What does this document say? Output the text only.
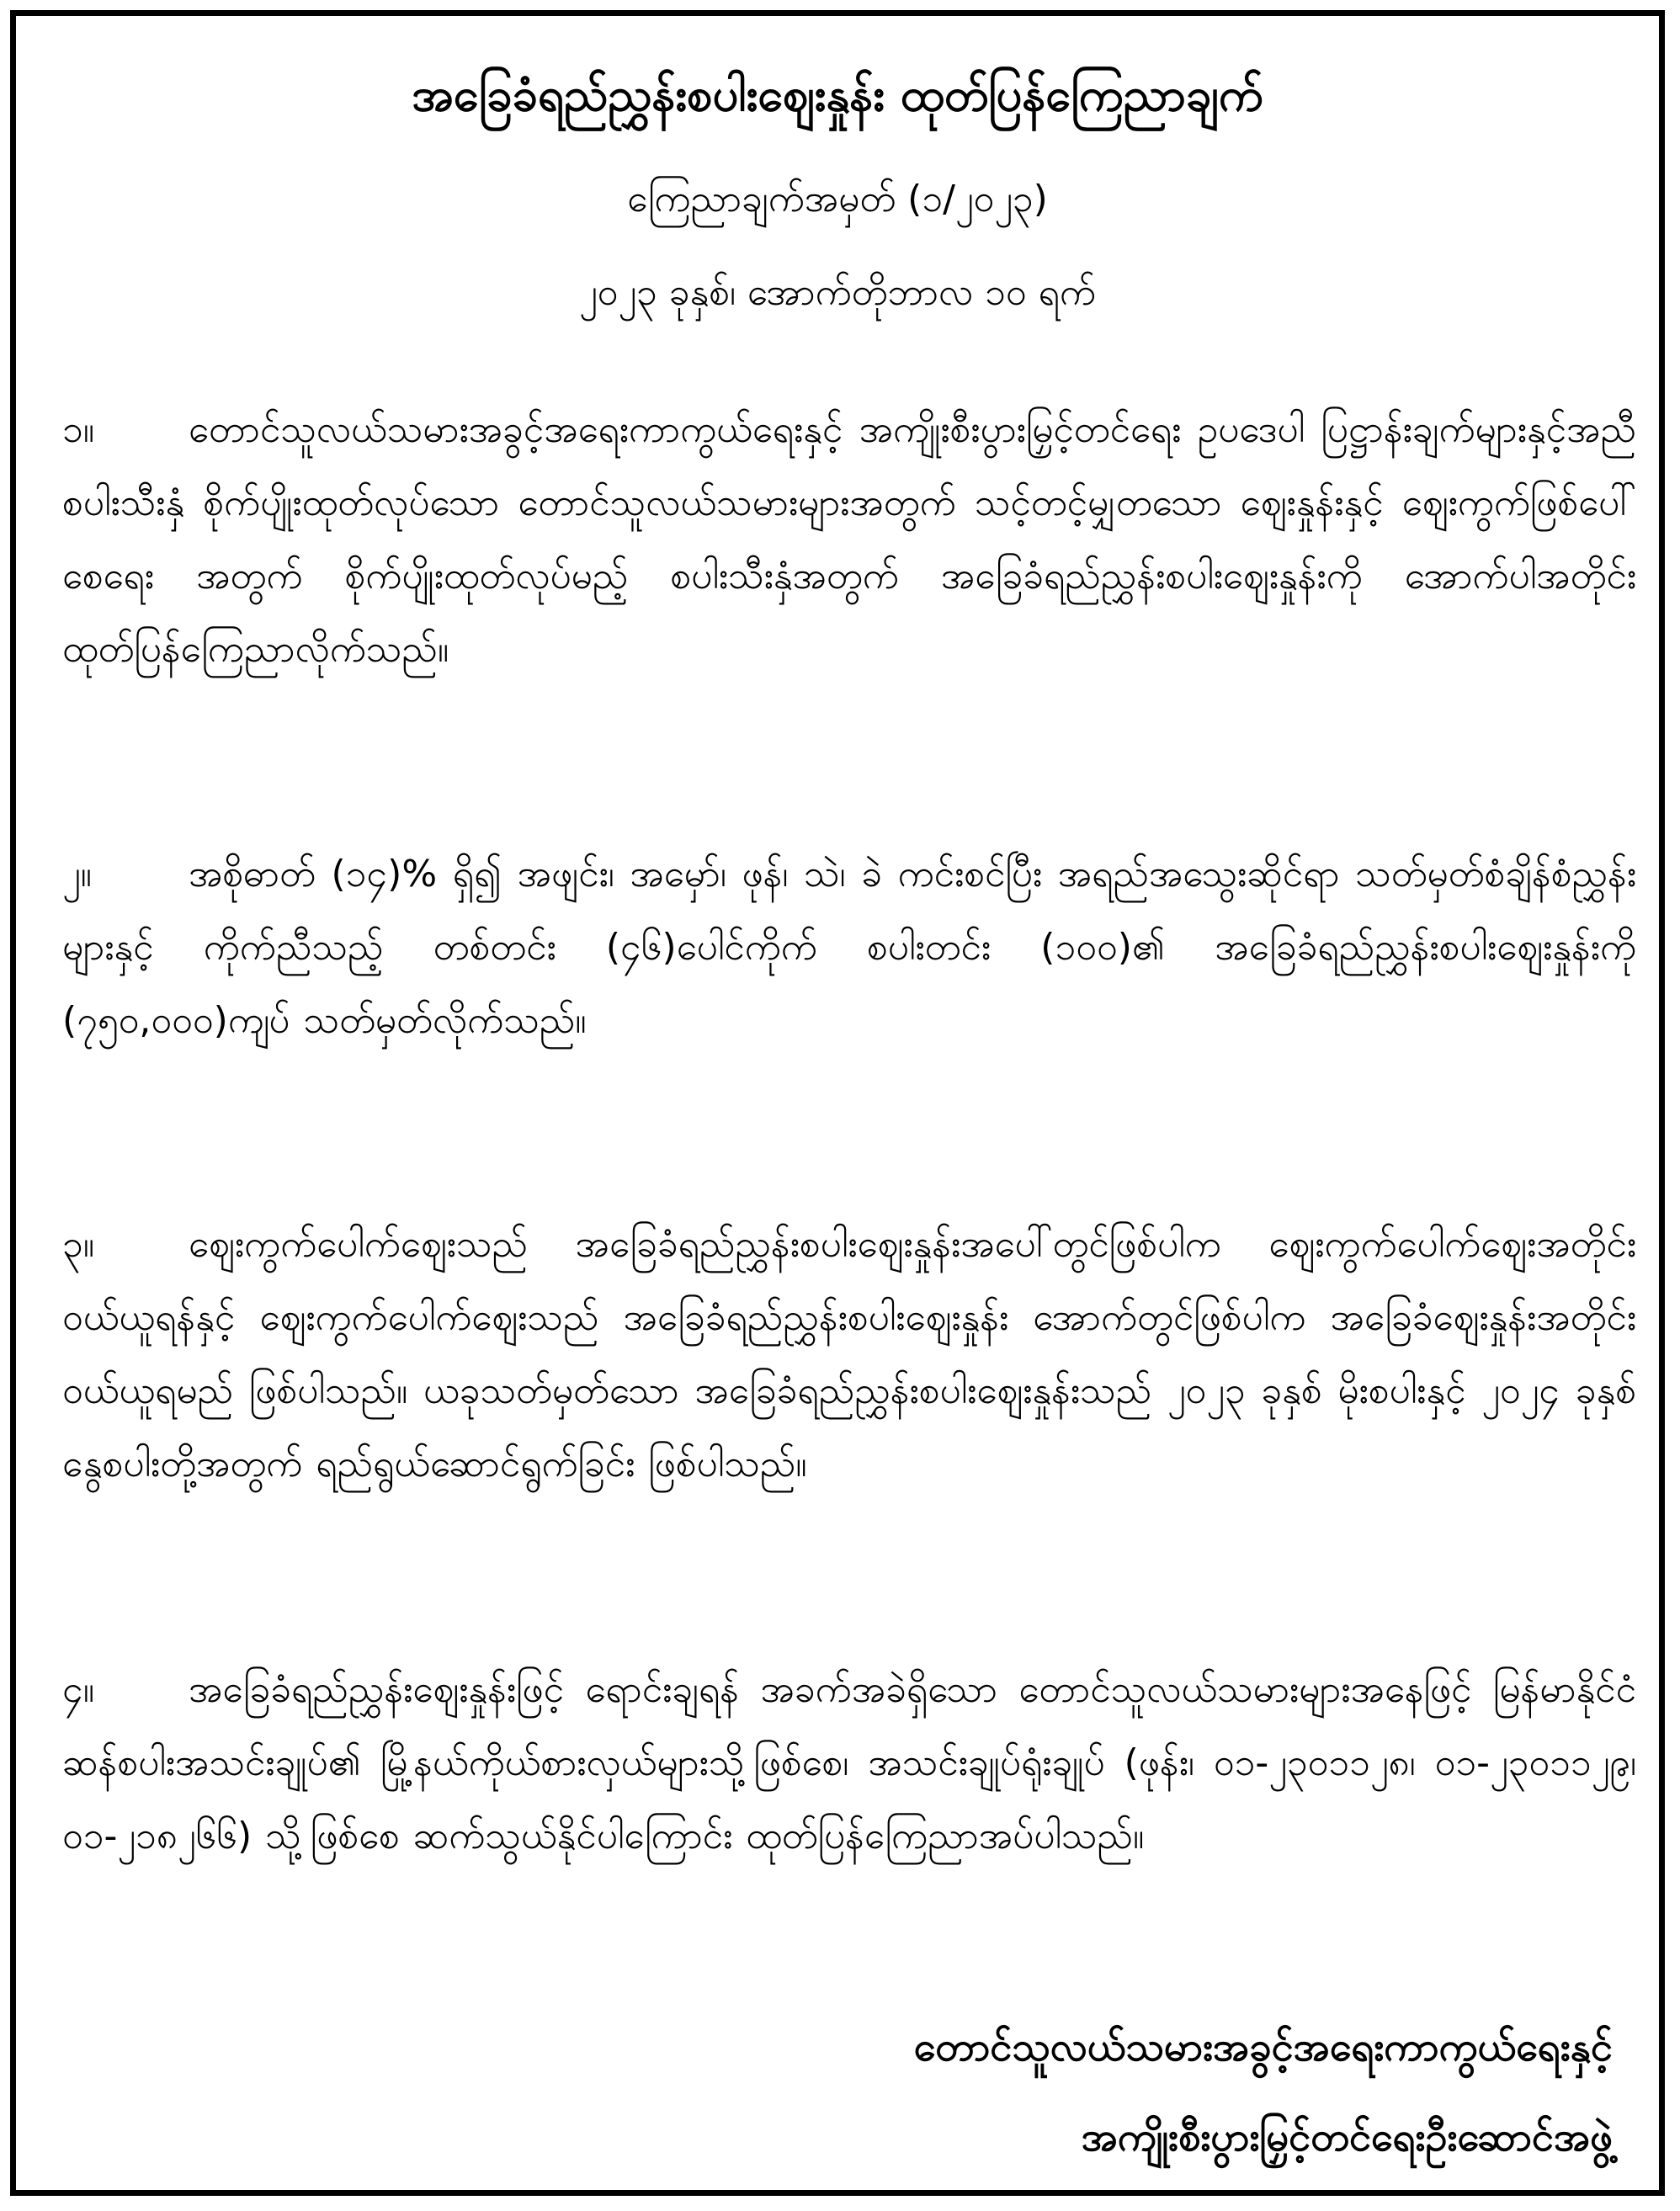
အခြေခံရည်ညွှန်းစပါးဈေးနှုန်း ထုတ်ပြန်ကြေညာချက်
ကြေညာချက်အမှတ် (၁/၂၀၂၃)
၂၀၂၃ ခုနှစ်၊ အောက်တိုဘာလ ၁၀ ရက်
၁။	တောင်သူလယ်သမားအခွင့်အရေးကာကွယ်ရေးနှင့် အကျိုးစီးပွားမြှင့်တင်ရေး ဥပဒေပါ ပြဋ္ဌာန်းချက်များနှင့်အညီ စပါးသီးနှံ စိုက်ပျိုးထုတ်လုပ်သော တောင်သူလယ်သမားများအတွက် သင့်တင့်မျှတသော ဈေးနှုန်းနှင့် ဈေးကွက်ဖြစ်ပေါ်စေရေး အတွက် စိုက်ပျိုးထုတ်လုပ်မည့် စပါးသီးနှံအတွက် အခြေခံရည်ညွှန်းစပါးဈေးနှုန်းကို အောက်ပါအတိုင်း ထုတ်ပြန်ကြေညာလိုက်သည်။
၂။	အစိုဓာတ် (၁၄)% ရှိ၍ အဖျင်း၊ အမှော်၊ ဖုန်၊ သဲ၊ ခဲ ကင်းစင်ပြီး အရည်အသွေးဆိုင်ရာ သတ်မှတ်စံချိန်စံညွှန်းများနှင့် ကိုက်ညီသည့် တစ်တင်း (၄၆)ပေါင်ကိုက် စပါးတင်း (၁၀၀)၏ အခြေခံရည်ညွှန်းစပါးဈေးနှုန်းကို (၇၅၀,၀၀၀)ကျပ် သတ်မှတ်လိုက်သည်။
၃။	ဈေးကွက်ပေါက်ဈေးသည် အခြေခံရည်ညွှန်းစပါးဈေးနှုန်းအပေါ်တွင်ဖြစ်ပါက ဈေးကွက်ပေါက်ဈေးအတိုင်း ဝယ်ယူရန်နှင့် ဈေးကွက်ပေါက်ဈေးသည် အခြေခံရည်ညွှန်းစပါးဈေးနှုန်း အောက်တွင်ဖြစ်ပါက အခြေခံဈေးနှုန်းအတိုင်း ဝယ်ယူရမည် ဖြစ်ပါသည်။ ယခုသတ်မှတ်သော အခြေခံရည်ညွှန်းစပါးဈေးနှုန်းသည် ၂၀၂၃ ခုနှစ် မိုးစပါးနှင့် ၂၀၂၄ ခုနှစ် နွေစပါးတို့အတွက် ရည်ရွယ်ဆောင်ရွက်ခြင်း ဖြစ်ပါသည်။
၄။	အခြေခံရည်ညွှန်းဈေးနှုန်းဖြင့် ရောင်းချရန် အခက်အခဲရှိသော တောင်သူလယ်သမားများအနေဖြင့် မြန်မာနိုင်ငံဆန်စပါးအသင်းချုပ်၏ မြို့နယ်ကိုယ်စားလှယ်များသို့ဖြစ်စေ၊ အသင်းချုပ်ရုံးချုပ် (ဖုန်း၊ ၀၁-၂၃၀၁၁၂၈၊ ၀၁-၂၃၀၁၁၂၉၊ ၀၁-၂၁၈၂၆၆) သို့ဖြစ်စေ ဆက်သွယ်နိုင်ပါကြောင်း ထုတ်ပြန်ကြေညာအပ်ပါသည်။
တောင်သူလယ်သမားအခွင့်အရေးကာကွယ်ရေးနှင့်
အကျိုးစီးပွားမြှင့်တင်ရေးဦးဆောင်အဖွဲ့
